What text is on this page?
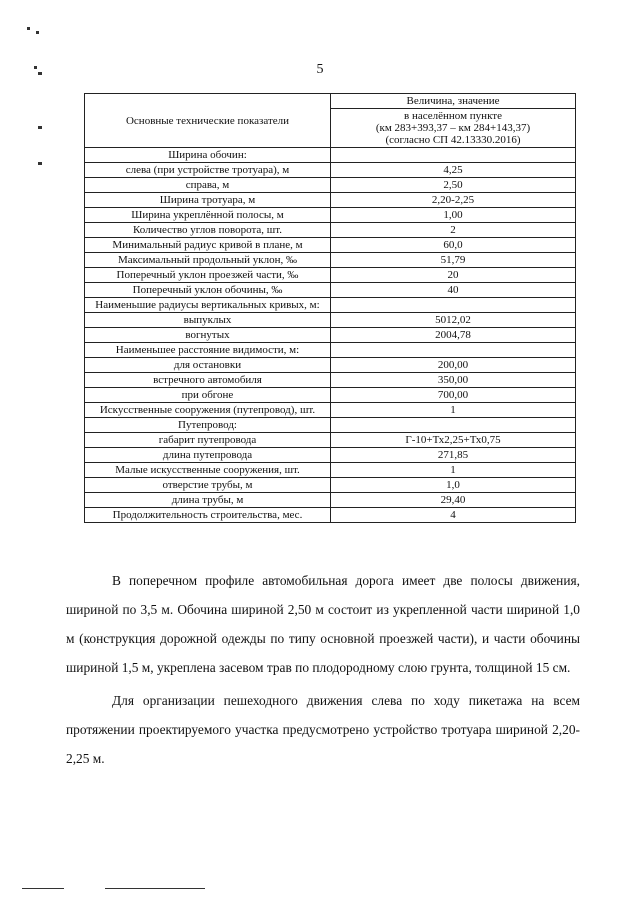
5
Основные технические показатели	Величина, значение

	в населённом пункте
(км 283+393,37 – км 284+143,37)
(согласно СП 42.13330.2016)

Ширина обочин:	
слева (при устройстве тротуара), м	4,25
справа, м	2,50
Ширина тротуара, м	2,20-2,25
Ширина укреплённой полосы, м	1,00
Количество углов поворота, шт.	2
Минимальный радиус кривой в плане, м	60,0
Максимальный продольный уклон, ‰	51,79
Поперечный уклон проезжей части, ‰	20
Поперечный уклон обочины, ‰	40
Наименьшие радиусы вертикальных кривых, м:	
выпуклых	5012,02
вогнутых	2004,78
Наименьшее расстояние видимости, м:	
для остановки	200,00
встречного автомобиля	350,00
при обгоне	700,00
Искусственные сооружения (путепровод), шт.	1
Путепровод:	
габарит путепровода	Г-10+Тх2,25+Тх0,75
длина путепровода	271,85
Малые искусственные сооружения, шт.	1
отверстие трубы, м	1,0
длина трубы, м	29,40
Продолжительность строительства, мес.	4

В поперечном профиле автомобильная дорога имеет две полосы движения, шириной по 3,5 м. Обочина шириной 2,50 м состоит из укрепленной части шириной 1,0 м (конструкция дорожной одежды по типу основной проезжей части), и части обочины шириной 1,5 м, укреплена засевом трав по плодородному слою грунта, толщиной 15 см.

Для организации пешеходного движения слева по ходу пикетажа на всем протяжении проектируемого участка предусмотрено устройство тротуара шириной 2,20-2,25 м.
